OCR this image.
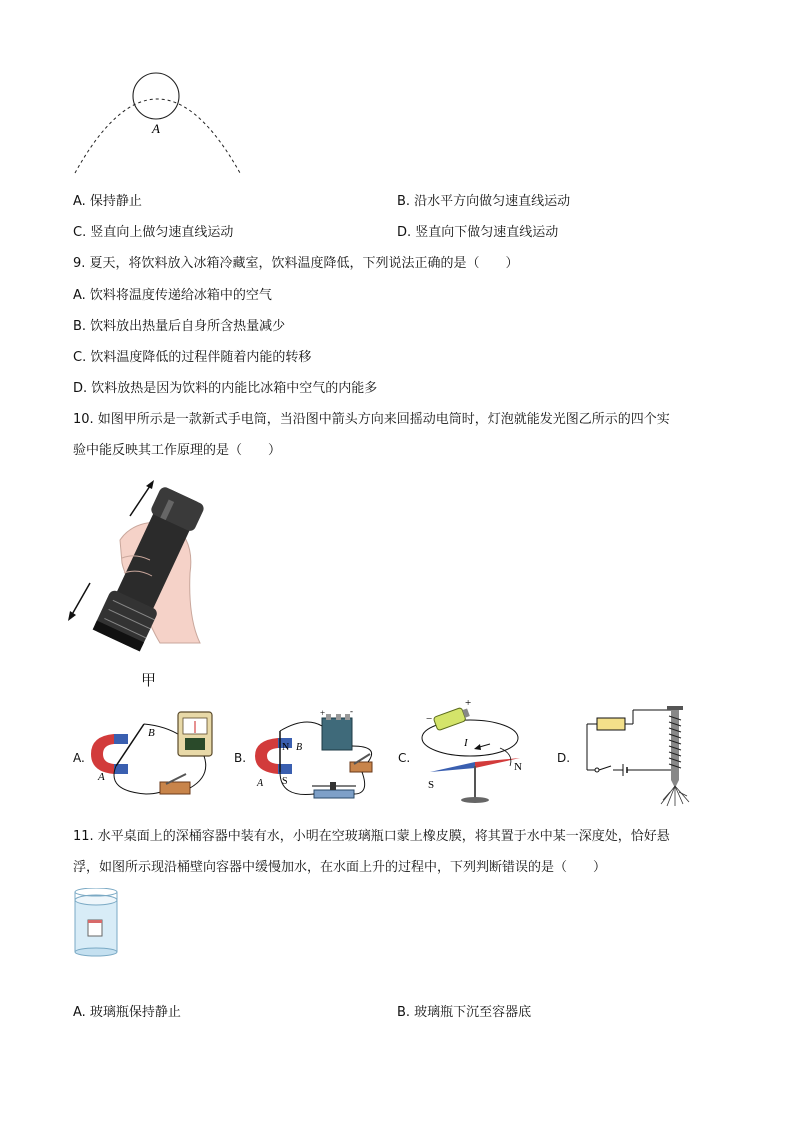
A
A. 保持静止	B. 沿水平方向做匀速直线运动
C. 竖直向上做匀速直线运动	D. 竖直向下做匀速直线运动
9. 夏天，将饮料放入冰箱冷藏室，饮料温度降低，下列说法正确的是（　　）
A. 饮料将温度传递给冰箱中的空气
B. 饮料放出热量后自身所含热量减少
C. 饮料温度降低的过程伴随着内能的转移
D. 饮料放热是因为饮料的内能比冰箱中空气的内能多
10. 如图甲所示是一款新式手电筒，当沿图中箭头方向来回摇动电筒时，灯泡就能发光图乙所示的四个实
验中能反映其工作原理的是（　　）
甲
A.	B.	C.	D.
A
B
N
S
A
B
+	-
+
−
I
S
N
11. 水平桌面上的深桶容器中装有水，小明在空玻璃瓶口蒙上橡皮膜，将其置于水中某一深度处，恰好悬
浮，如图所示现沿桶壁向容器中缓慢加水，在水面上升的过程中，下列判断错误的是（　　）
A. 玻璃瓶保持静止	B. 玻璃瓶下沉至容器底
